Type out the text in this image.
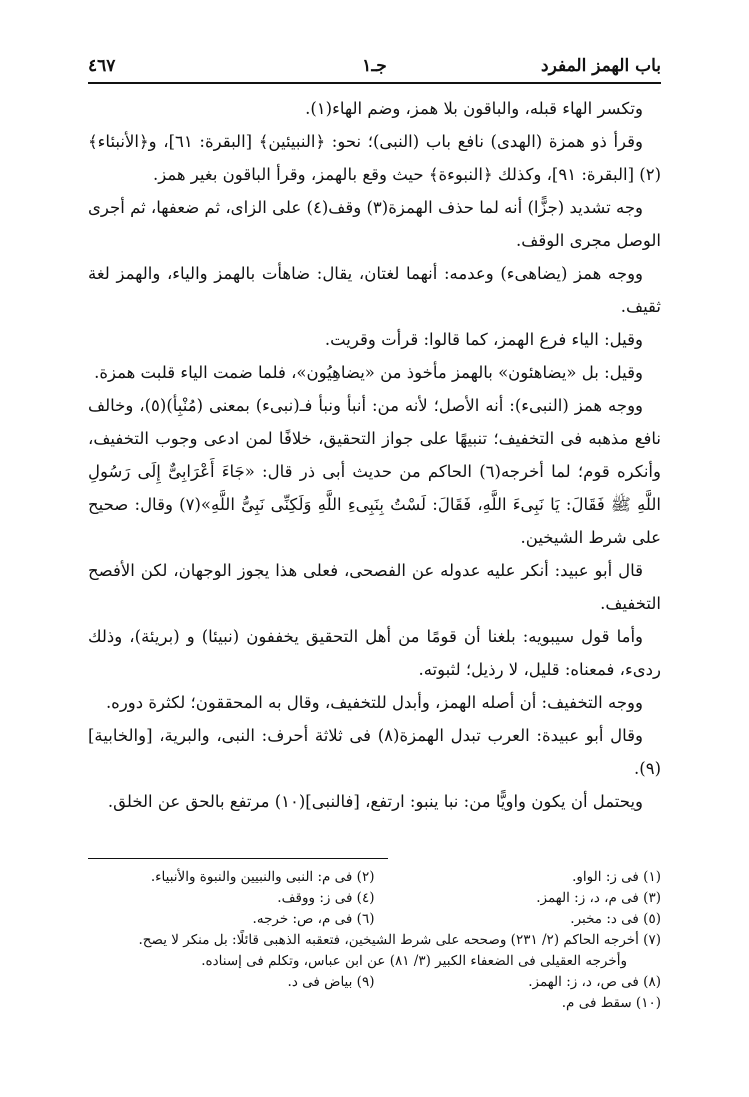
باب الهمز المفرد
جـ١
٤٦٧

وتكسر الهاء قبله، والباقون بلا همز، وضم الهاء(١).

وقرأ ذو همزة (الهدى) نافع باب (النبى)؛ نحو: ﴿النبيئين﴾ [البقرة: ٦١]، و﴿الأنبئاء﴾(٢) [البقرة: ٩١]، وكذلك ﴿النبوءة﴾ حيث وقع بالهمز، وقرأ الباقون بغير همز.

وجه تشديد (جزًّا) أنه لما حذف الهمزة(٣) وقف(٤) على الزاى، ثم ضعفها، ثم أجرى الوصل مجرى الوقف.

ووجه همز (يضاهىء) وعدمه: أنهما لغتان، يقال: ضاهأت بالهمز والياء، والهمز لغة ثقيف.

وقيل: الياء فرع الهمز، كما قالوا: قرأت وقريت.

وقيل: بل «يضاهئون» بالهمز مأخوذ من «يضاهِيُون»، فلما ضمت الياء قلبت همزة.

ووجه همز (النبىء): أنه الأصل؛ لأنه من: أنبأ ونبأ فـ(نبىء) بمعنى (مُنْبِأ)(٥)، وخالف نافع مذهبه فى التخفيف؛ تنبيهًا على جواز التحقيق، خلافًا لمن ادعى وجوب التخفيف، وأنكره قوم؛ لما أخرجه(٦) الحاكم من حديث أبى ذر قال: «جَاءَ أَعْرَابِىٌّ إِلَى رَسُولِ اللَّهِ ﷺ فَقَالَ: يَا نَبِىءَ اللَّهِ، فَقَالَ: لَسْتُ بِنَبِىءِ اللَّهِ وَلَكِنِّى نَبِىُّ اللَّهِ»(٧) وقال: صحيح على شرط الشيخين.

قال أبو عبيد: أنكر عليه عدوله عن الفصحى، فعلى هذا يجوز الوجهان، لكن الأفصح التخفيف.

وأما قول سيبويه: بلغنا أن قومًا من أهل التحقيق يخففون (نبيئا) و (بريئة)، وذلك ردىء، فمعناه: قليل، لا رذيل؛ لثبوته.

ووجه التخفيف: أن أصله الهمز، وأبدل للتخفيف، وقال به المحققون؛ لكثرة دوره.

وقال أبو عبيدة: العرب تبدل الهمزة(٨) فى ثلاثة أحرف: النبى، والبرية، [والخابية](٩).

ويحتمل أن يكون واويًّا من: نبا ينبو: ارتفع، [فالنبى](١٠) مرتفع بالحق عن الخلق.

(١) فى ز: الواو.
(٢) فى م: النبى والنبيين والنبوة والأنبياء.
(٣) فى م، د، ز: الهمز.
(٤) فى ز: ووقف.
(٥) فى د: مخبر.
(٦) فى م، ص: خرجه.
(٧) أخرجه الحاكم (٢/ ٢٣١) وصححه على شرط الشيخين، فتعقبه الذهبى قائلًا: بل منكر لا يصح.
وأخرجه العقيلى فى الضعفاء الكبير (٣/ ٨١) عن ابن عباس، وتكلم فى إسناده.
(٨) فى ص، د، ز: الهمز.
(٩) بياض فى د.
(١٠) سقط فى م.
